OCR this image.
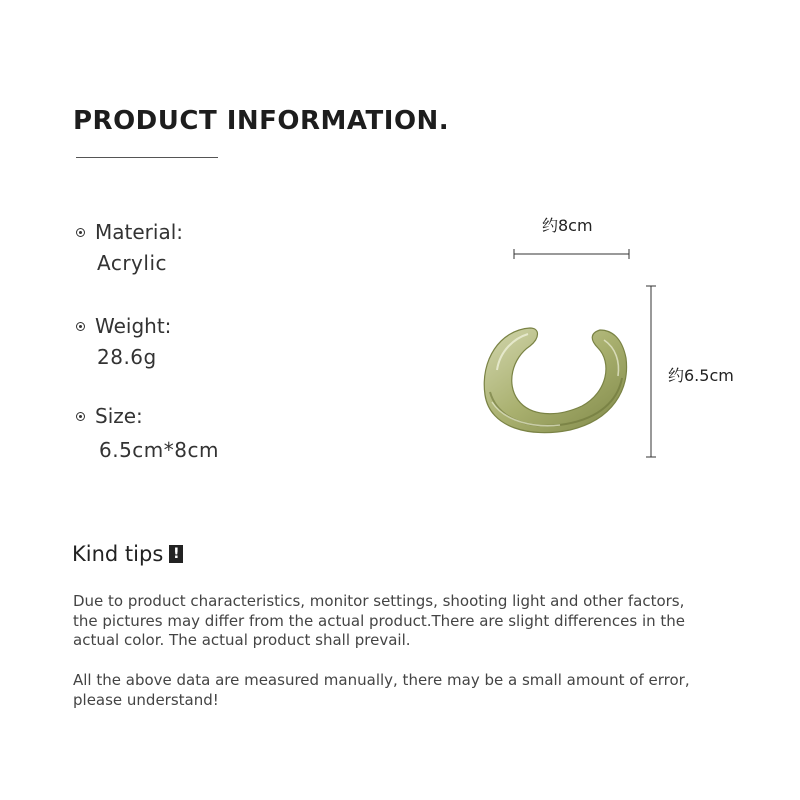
PRODUCT INFORMATION.
Material:
Acrylic
Weight:
28.6g
Size:
6.5cm*8cm
约8cm
约6.5cm
Kind tips !

Due to product characteristics, monitor settings, shooting light and other factors, the pictures may differ from the actual product.There are slight differences in the actual color. The actual product shall prevail.

All the above data are measured manually, there may be a small amount of error, please understand!
